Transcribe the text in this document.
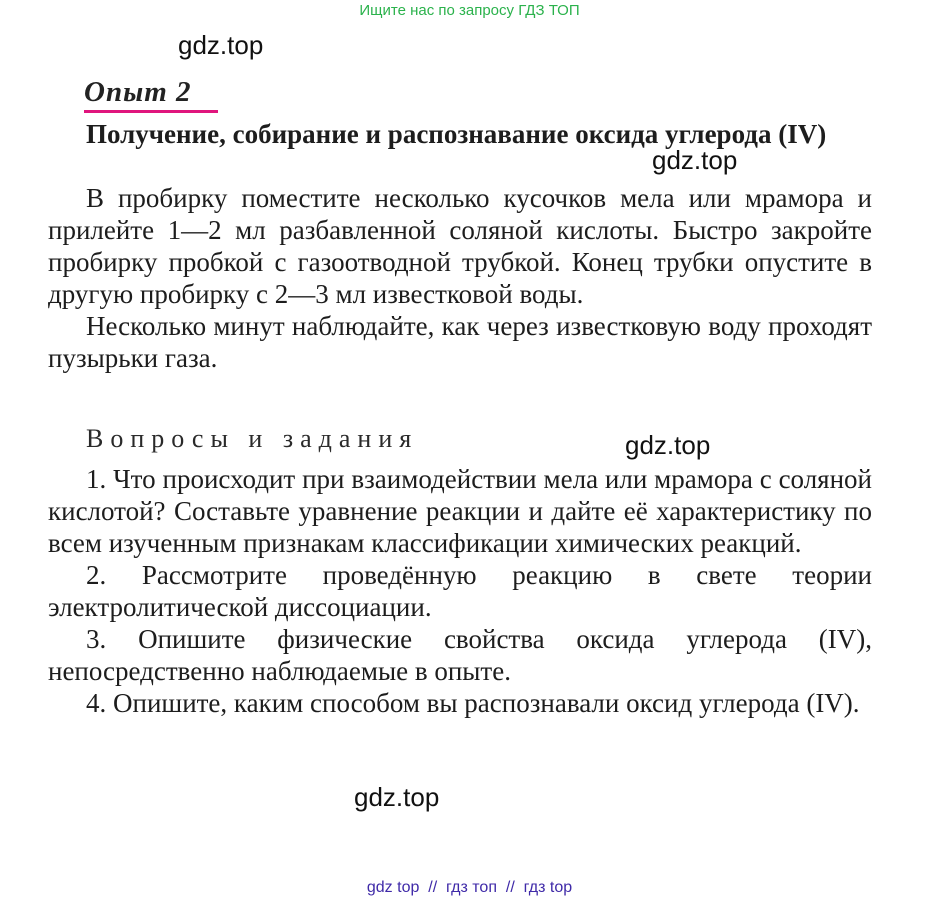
Ищите нас по запросу ГДЗ ТОП
gdz.top
gdz.top
gdz.top
gdz.top
Опыт 2

Получение, собирание и распознавание оксида углерода (IV)

В пробирку поместите несколько кусочков мела или мрамора и прилейте 1—2 мл разбавленной соляной кислоты. Быстро закройте пробирку пробкой с газоотводной трубкой. Конец трубки опустите в другую пробирку с 2—3 мл известковой воды.

Несколько минут наблюдайте, как через известковую воду проходят пузырьки газа.

Вопросы и задания

1. Что происходит при взаимодействии мела или мрамора с соляной кислотой? Составьте уравнение реакции и дайте её характеристику по всем изученным признакам классификации химических реакций.

2. Рассмотрите проведённую реакцию в свете теории электролитической диссоциации.

3. Опишите физические свойства оксида углерода (IV), непосредственно наблюдаемые в опыте.

4. Опишите, каким способом вы распознавали оксид углерода (IV).

gdz top  //  гдз топ  //  гдз top
